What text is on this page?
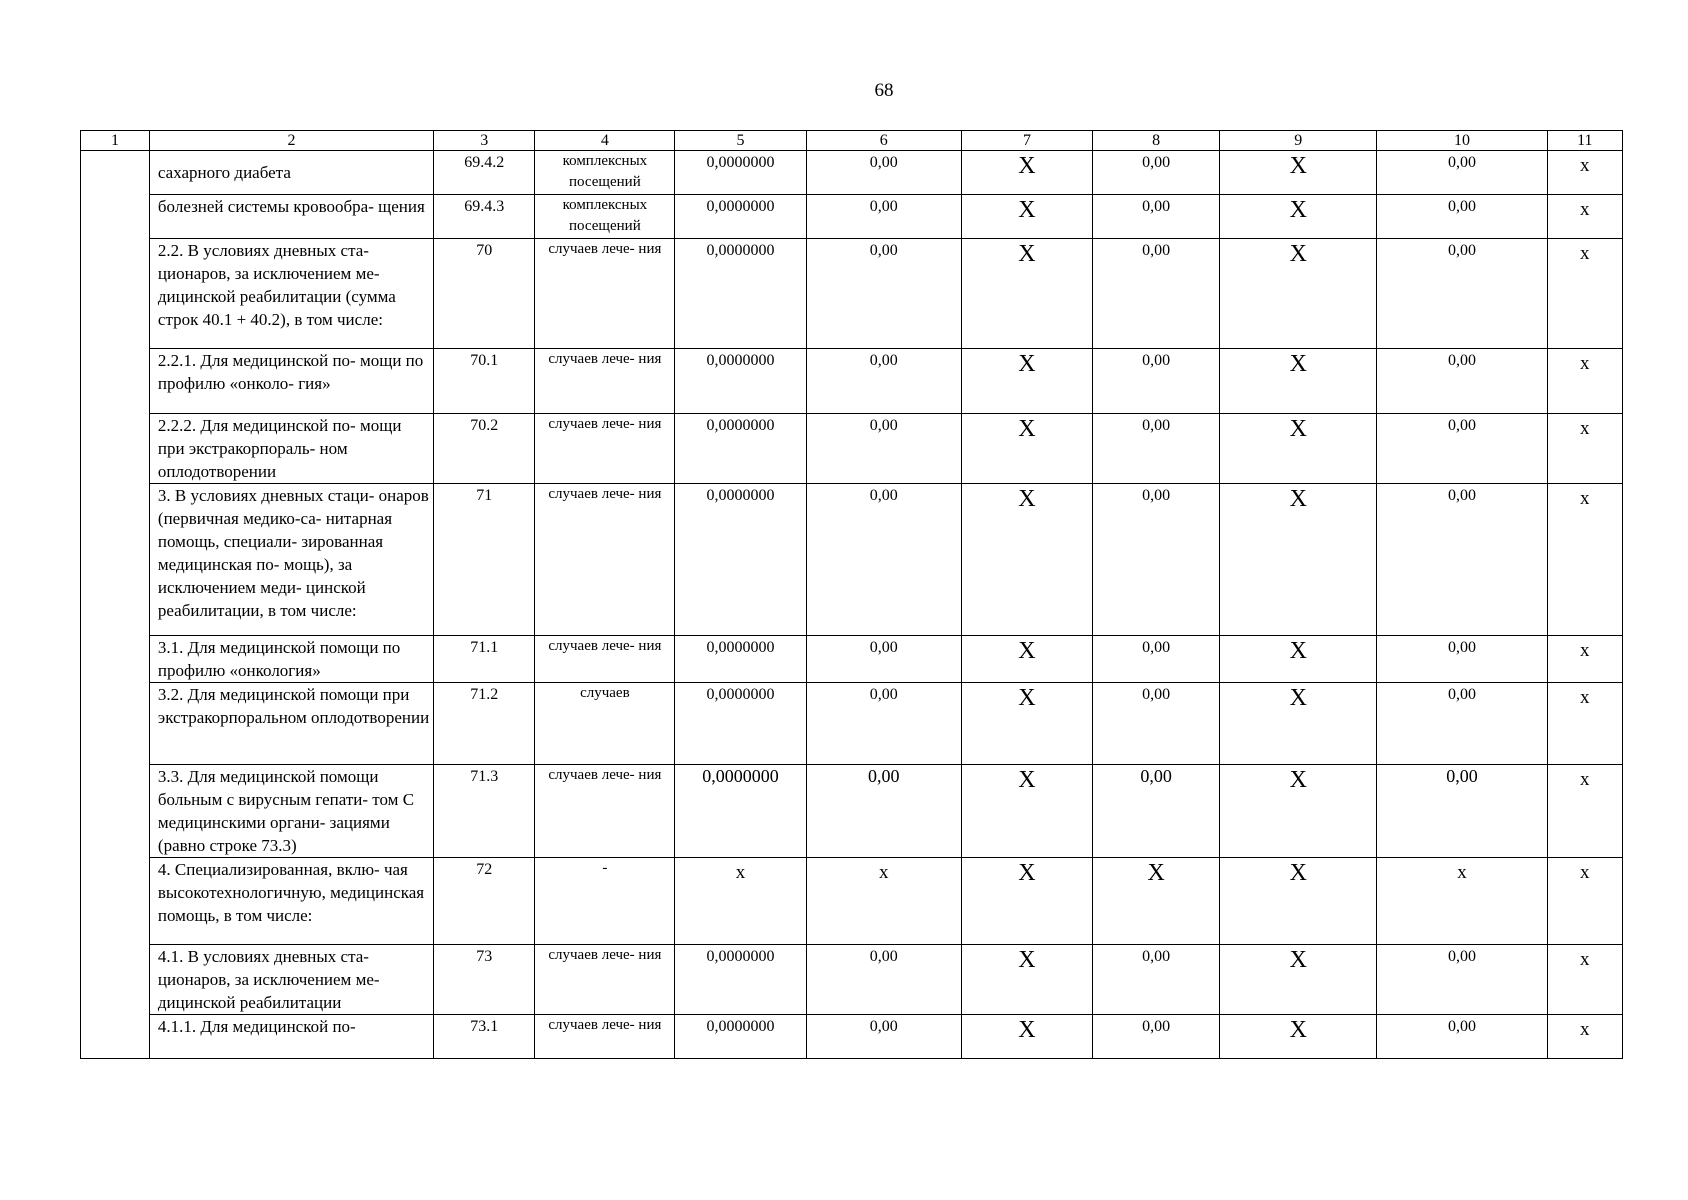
68
1	2	3	4	5	6	7	8	9	10	11
	сахарного диабета	69.4.2	комплексных посещений	0,0000000	0,00	X	0,00	X	0,00	x
	болезней системы кровообра- щения	69.4.3	комплексных посещений	0,0000000	0,00	X	0,00	X	0,00	x
	2.2. В условиях дневных ста- ционаров, за исключением ме- дицинской реабилитации (сумма строк 40.1 + 40.2), в том числе:	70	случаев лече- ния	0,0000000	0,00	X	0,00	X	0,00	x
	2.2.1. Для медицинской по- мощи по профилю «онколо- гия»	70.1	случаев лече- ния	0,0000000	0,00	X	0,00	X	0,00	x
	2.2.2. Для медицинской по- мощи при экстракорпораль- ном оплодотворении	70.2	случаев лече- ния	0,0000000	0,00	X	0,00	X	0,00	x
	3. В условиях дневных стаци- онаров (первичная медико-са- нитарная помощь, специали- зированная медицинская по- мощь), за исключением меди- цинской реабилитации, в том числе:	71	случаев лече- ния	0,0000000	0,00	X	0,00	X	0,00	x
	3.1. Для медицинской помощи по профилю «онкология»	71.1	случаев лече- ния	0,0000000	0,00	X	0,00	X	0,00	x
	3.2. Для медицинской помощи при экстракорпоральном оплодотворении	71.2	случаев	0,0000000	0,00	X	0,00	X	0,00	x
	3.3. Для медицинской помощи больным с вирусным гепати- том С медицинскими органи- зациями (равно строке 73.3)	71.3	случаев лече- ния	0,0000000	0,00	X	0,00	X	0,00	x
	4. Специализированная, вклю- чая высокотехнологичную, медицинская помощь, в том числе:	72	-	x	x	X	X	X	x	x
	4.1. В условиях дневных ста- ционаров, за исключением ме- дицинской реабилитации	73	случаев лече- ния	0,0000000	0,00	X	0,00	X	0,00	x
	4.1.1. Для медицинской по-	73.1	случаев лече- ния	0,0000000	0,00	X	0,00	X	0,00	x
